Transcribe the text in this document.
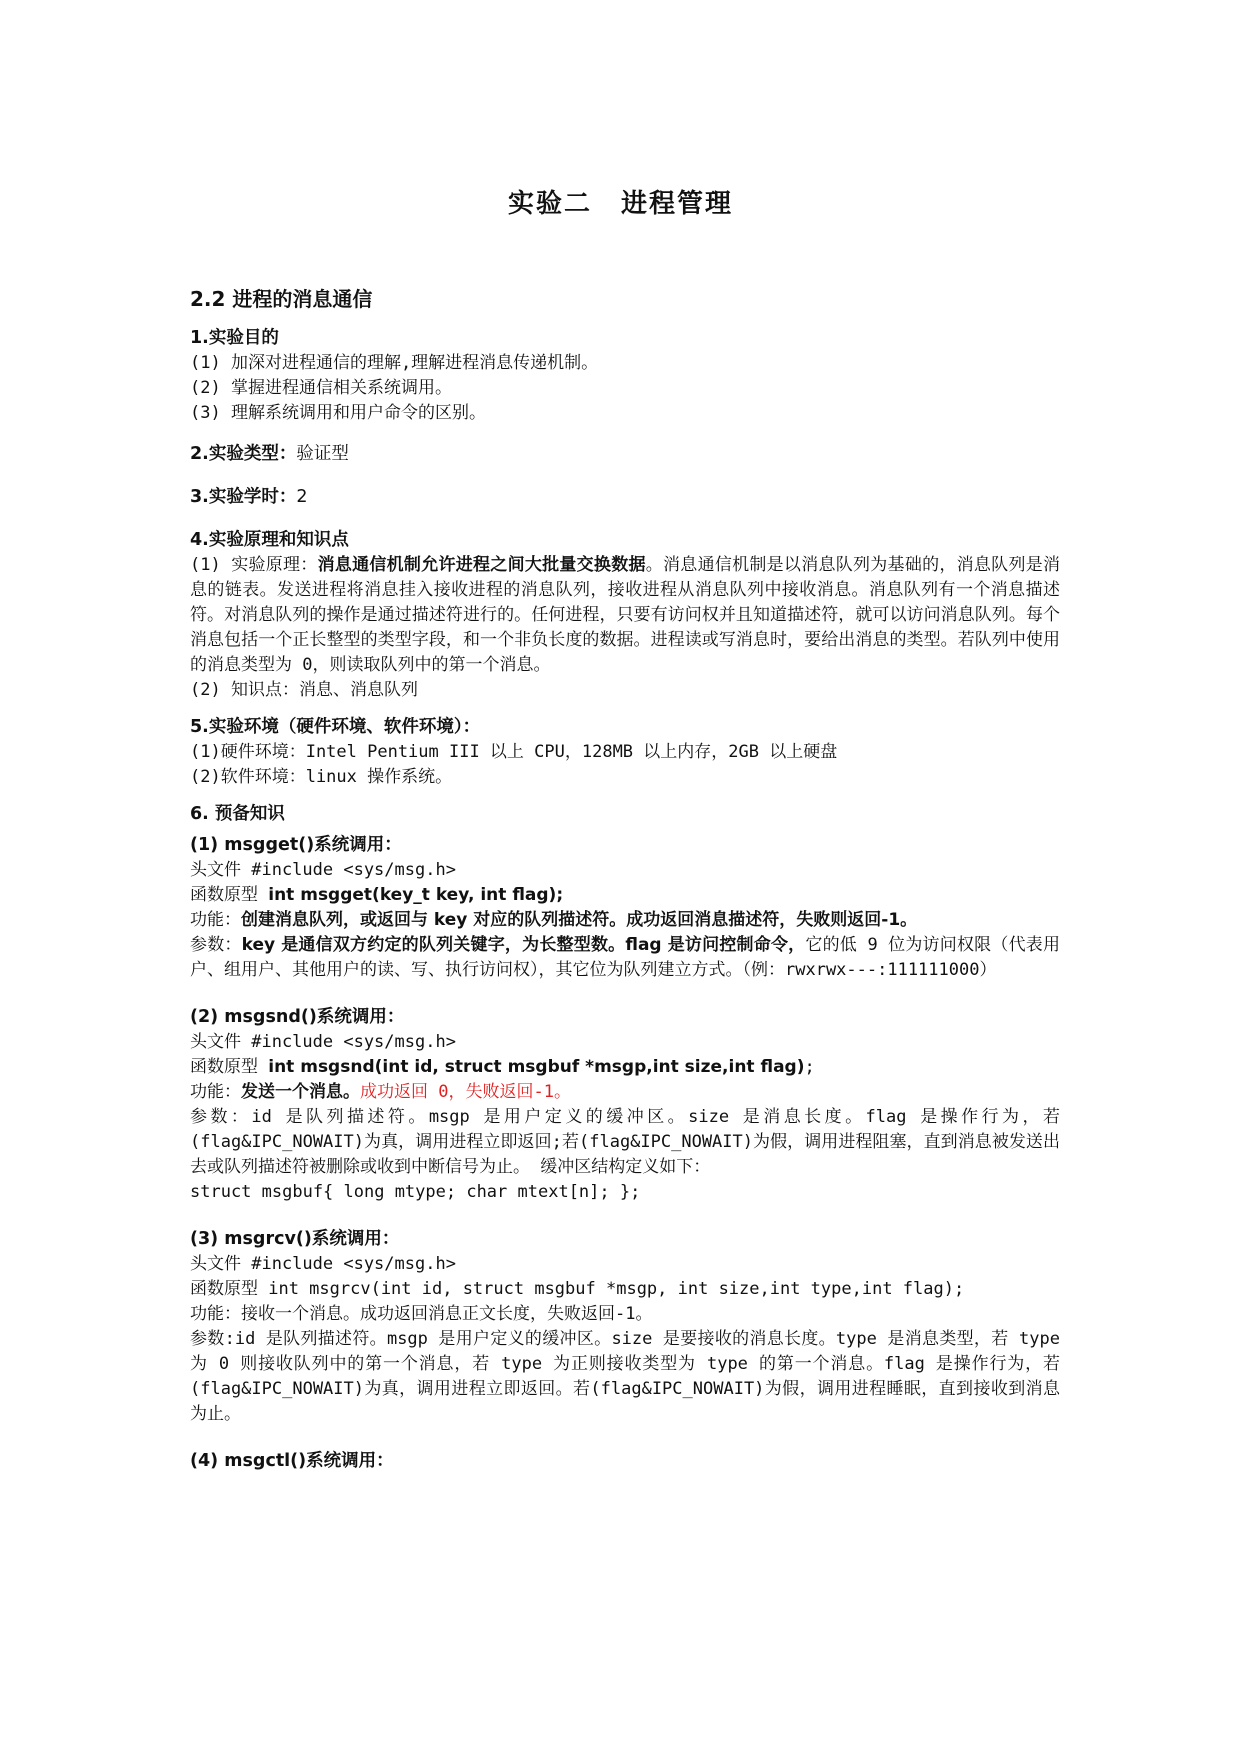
实验二 进程管理
2.2 进程的消息通信
1.实验目的
(1) 加深对进程通信的理解,理解进程消息传递机制。
(2) 掌握进程通信相关系统调用。
(3) 理解系统调用和用户命令的区别。
2.实验类型：验证型
3.实验学时：2
4.实验原理和知识点
(1) 实验原理：消息通信机制允许进程之间大批量交换数据。消息通信机制是以消息队列为基础的，消息队列是消息的链表。发送进程将消息挂入接收进程的消息队列，接收进程从消息队列中接收消息。消息队列有一个消息描述符。对消息队列的操作是通过描述符进行的。任何进程，只要有访问权并且知道描述符，就可以访问消息队列。每个消息包括一个正长整型的类型字段，和一个非负长度的数据。进程读或写消息时，要给出消息的类型。若队列中使用的消息类型为 0，则读取队列中的第一个消息。
(2) 知识点：消息、消息队列
5.实验环境（硬件环境、软件环境）：
(1)硬件环境：Intel Pentium III 以上 CPU，128MB 以上内存，2GB 以上硬盘
(2)软件环境：linux 操作系统。
6. 预备知识
(1) msgget()系统调用：
头文件 #include <sys/msg.h>
函数原型 int msgget(key_t key, int flag);
功能：创建消息队列，或返回与 key 对应的队列描述符。成功返回消息描述符，失败则返回-1。
参数：key 是通信双方约定的队列关键字，为长整型数。flag 是访问控制命令，它的低 9 位为访问权限（代表用户、组用户、其他用户的读、写、执行访问权），其它位为队列建立方式。（例：rwxrwx---:111111000）
(2) msgsnd()系统调用：
头文件 #include <sys/msg.h>
函数原型 int msgsnd(int id, struct msgbuf *msgp,int size,int flag);
功能：发送一个消息。成功返回 0，失败返回-1。
参数：id 是队列描述符。msgp 是用户定义的缓冲区。size 是消息长度。flag 是操作行为，若(flag&IPC_NOWAIT)为真，调用进程立即返回;若(flag&IPC_NOWAIT)为假，调用进程阻塞，直到消息被发送出去或队列描述符被删除或收到中断信号为止。 缓冲区结构定义如下：
struct msgbuf{ long mtype; char mtext[n]; };
(3) msgrcv()系统调用：
头文件 #include <sys/msg.h>
函数原型 int msgrcv(int id, struct msgbuf *msgp, int size,int type,int flag);
功能：接收一个消息。成功返回消息正文长度，失败返回-1。
参数:id 是队列描述符。msgp 是用户定义的缓冲区。size 是要接收的消息长度。type 是消息类型，若 type 为 0 则接收队列中的第一个消息，若 type 为正则接收类型为 type 的第一个消息。flag 是操作行为，若(flag&IPC_NOWAIT)为真，调用进程立即返回。若(flag&IPC_NOWAIT)为假，调用进程睡眠，直到接收到消息为止。
(4) msgctl()系统调用：
